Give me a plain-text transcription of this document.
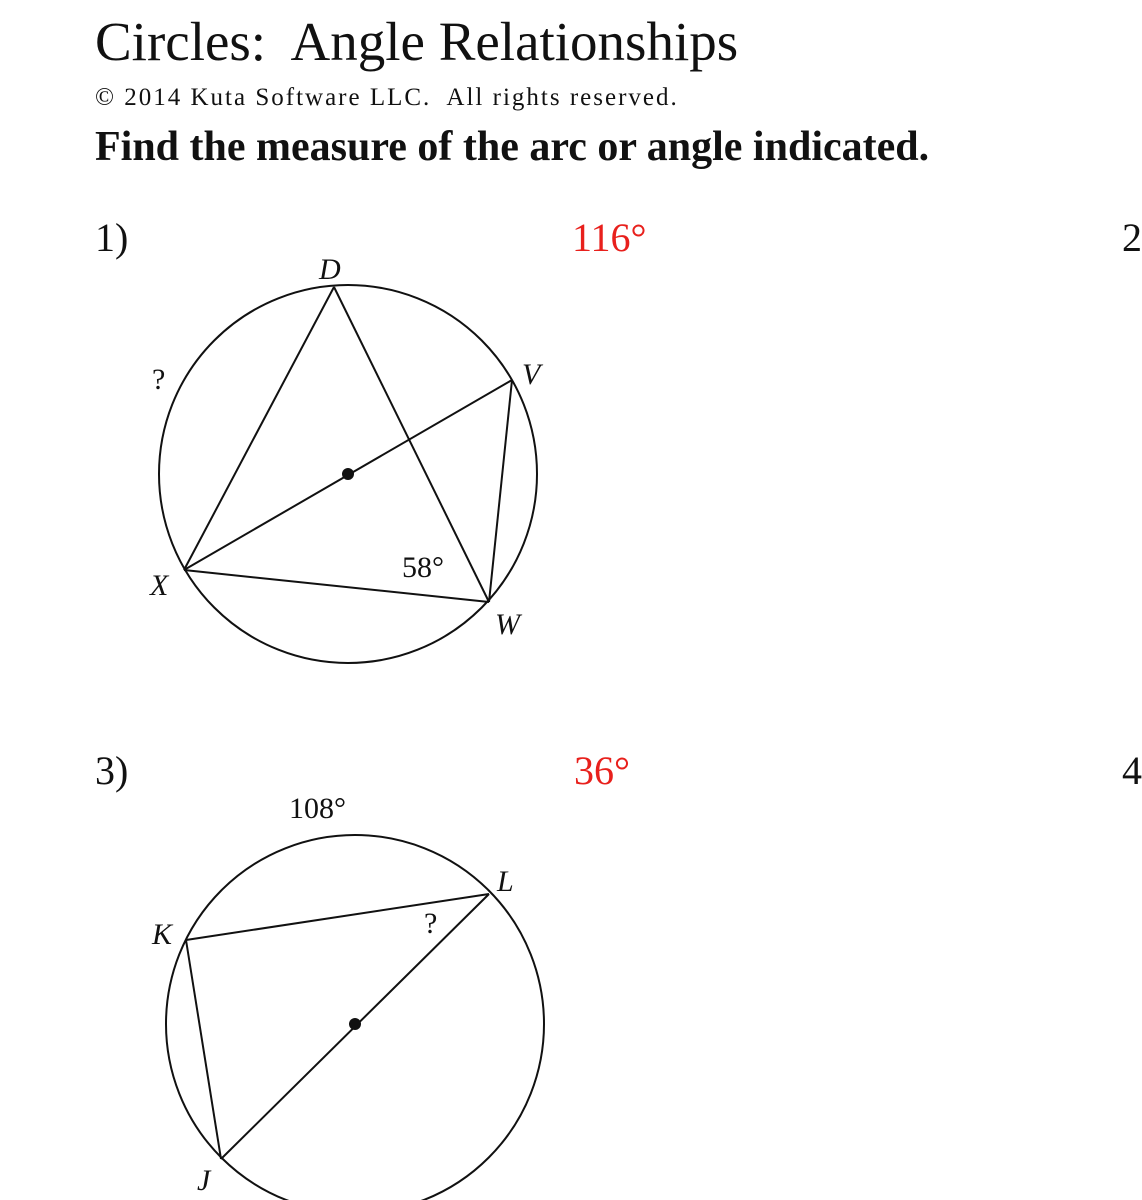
Circles:  Angle Relationships
© 2014 Kuta Software LLC.  All rights reserved.
Find the measure of the arc or angle indicated.
1)	116°	2
3)	36°	4
D
V
X
W
?
58°
108°
L
K
J
?
